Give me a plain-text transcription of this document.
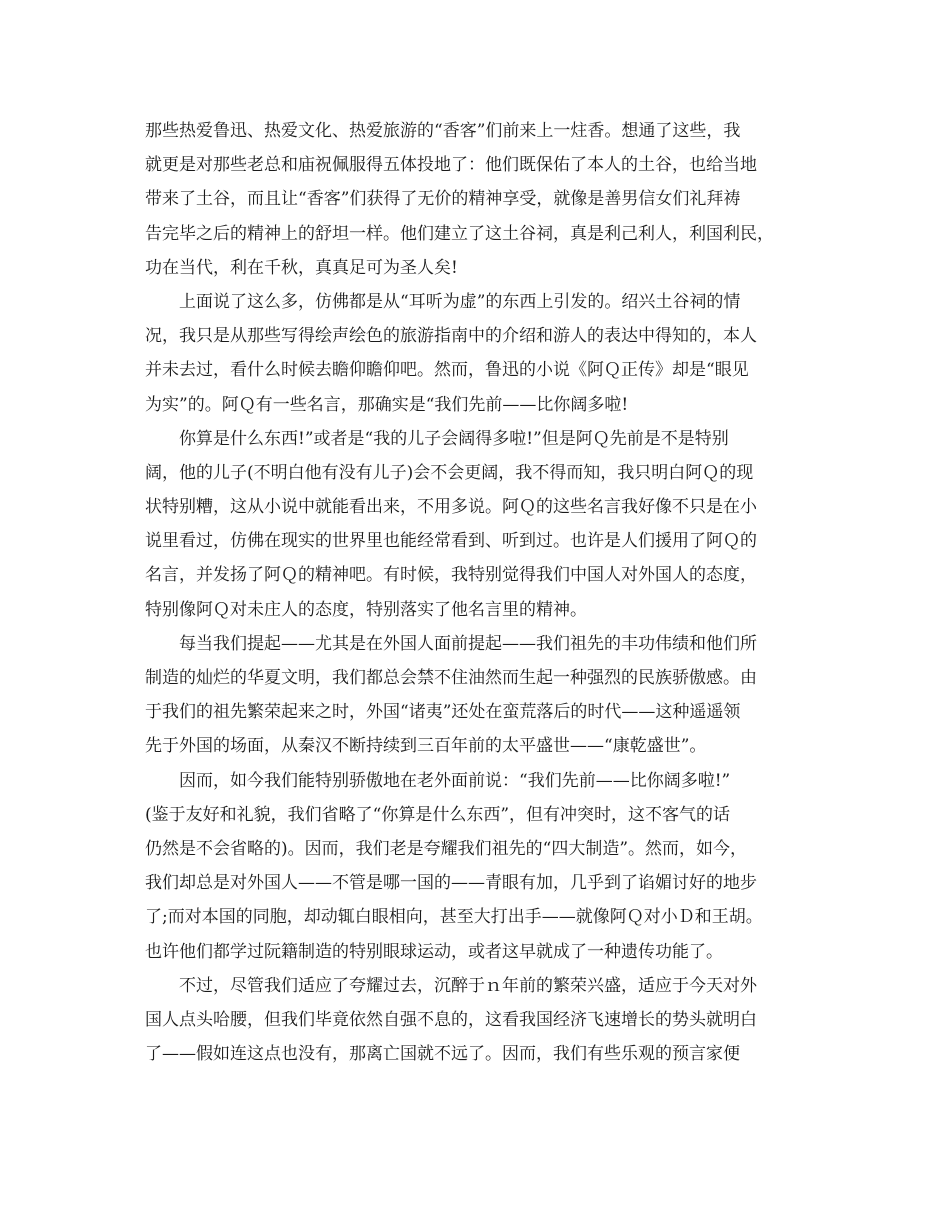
那些热爱鲁迅、热爱文化、热爱旅游的“香客”们前来上一炷香。想通了这些，我
就更是对那些老总和庙祝佩服得五体投地了：他们既保佑了本人的土谷，也给当地
带来了土谷，而且让“香客”们获得了无价的精神享受，就像是善男信女们礼拜祷
告完毕之后的精神上的舒坦一样。他们建立了这土谷祠，真是利己利人，利国利民，
功在当代，利在千秋，真真足可为圣人矣!
上面说了这么多，仿佛都是从“耳听为虚”的东西上引发的。绍兴土谷祠的情
况，我只是从那些写得绘声绘色的旅游指南中的介绍和游人的表达中得知的，本人
并未去过，看什么时候去瞻仰瞻仰吧。然而，鲁迅的小说《阿Ｑ正传》却是“眼见
为实”的。阿Ｑ有一些名言，那确实是“我们先前——比你阔多啦!
你算是什么东西!”或者是“我的儿子会阔得多啦!”但是阿Ｑ先前是不是特别
阔，他的儿子(不明白他有没有儿子)会不会更阔，我不得而知，我只明白阿Ｑ的现
状特别糟，这从小说中就能看出来，不用多说。阿Ｑ的这些名言我好像不只是在小
说里看过，仿佛在现实的世界里也能经常看到、听到过。也许是人们援用了阿Ｑ的
名言，并发扬了阿Ｑ的精神吧。有时候，我特别觉得我们中国人对外国人的态度，
特别像阿Ｑ对未庄人的态度，特别落实了他名言里的精神。
每当我们提起——尤其是在外国人面前提起——我们祖先的丰功伟绩和他们所
制造的灿烂的华夏文明，我们都总会禁不住油然而生起一种强烈的民族骄傲感。由
于我们的祖先繁荣起来之时，外国“诸夷”还处在蛮荒落后的时代——这种遥遥领
先于外国的场面，从秦汉不断持续到三百年前的太平盛世——“康乾盛世”。
因而，如今我们能特别骄傲地在老外面前说：“我们先前——比你阔多啦!”
(鉴于友好和礼貌，我们省略了“你算是什么东西”，但有冲突时，这不客气的话
仍然是不会省略的)。因而，我们老是夸耀我们祖先的“四大制造”。然而，如今，
我们却总是对外国人——不管是哪一国的——青眼有加，几乎到了谄媚讨好的地步
了;而对本国的同胞，却动辄白眼相向，甚至大打出手——就像阿Ｑ对小Ｄ和王胡。
也许他们都学过阮籍制造的特别眼球运动，或者这早就成了一种遗传功能了。
不过，尽管我们适应了夸耀过去，沉醉于ｎ年前的繁荣兴盛，适应于今天对外
国人点头哈腰，但我们毕竟依然自强不息的，这看我国经济飞速增长的势头就明白
了——假如连这点也没有，那离亡国就不远了。因而，我们有些乐观的预言家便
